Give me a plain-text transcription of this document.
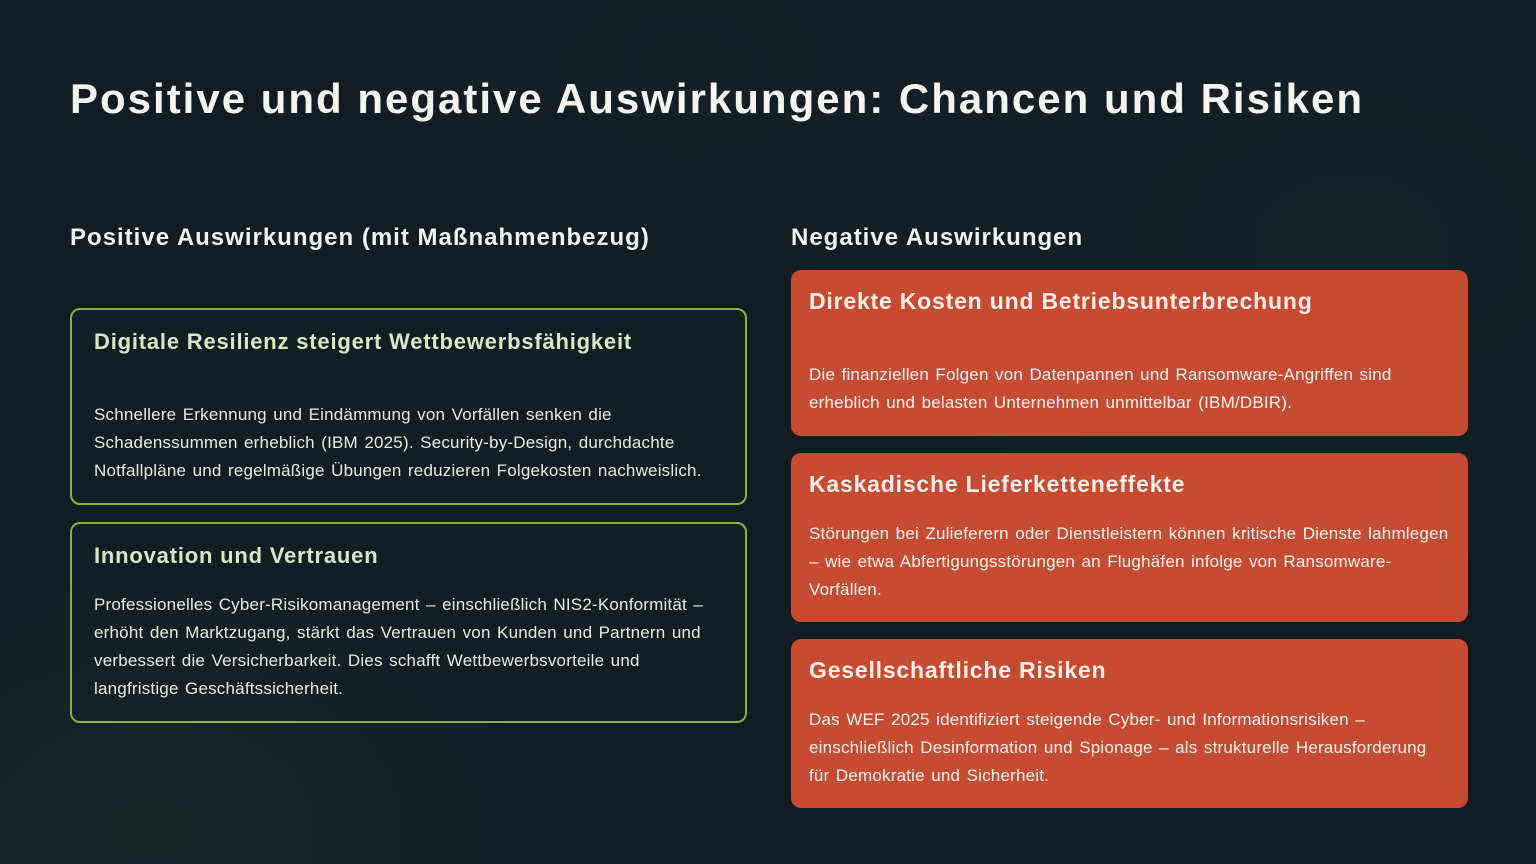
Positive und negative Auswirkungen: Chancen und Risiken
Positive Auswirkungen (mit Maßnahmenbezug)
Digitale Resilienz steigert Wettbewerbsfähigkeit

Schnellere Erkennung und Eindämmung von Vorfällen senken die Schadenssummen erheblich (IBM 2025). Security-by-Design, durchdachte Notfallpläne und regelmäßige Übungen reduzieren Folgekosten nachweislich.

Innovation und Vertrauen

Professionelles Cyber-Risikomanagement – einschließlich NIS2-Konformität – erhöht den Marktzugang, stärkt das Vertrauen von Kunden und Partnern und verbessert die Versicherbarkeit. Dies schafft Wettbewerbsvorteile und langfristige Geschäftssicherheit.

Negative Auswirkungen
Direkte Kosten und Betriebsunterbrechung

Die finanziellen Folgen von Datenpannen und Ransomware-Angriffen sind erheblich und belasten Unternehmen unmittelbar (IBM/DBIR).

Kaskadische Lieferketteneffekte

Störungen bei Zulieferern oder Dienstleistern können kritische Dienste lahmlegen – wie etwa Abfertigungsstörungen an Flughäfen infolge von Ransomware-Vorfällen.

Gesellschaftliche Risiken

Das WEF 2025 identifiziert steigende Cyber- und Informationsrisiken – einschließlich Desinformation und Spionage – als strukturelle Herausforderung für Demokratie und Sicherheit.
